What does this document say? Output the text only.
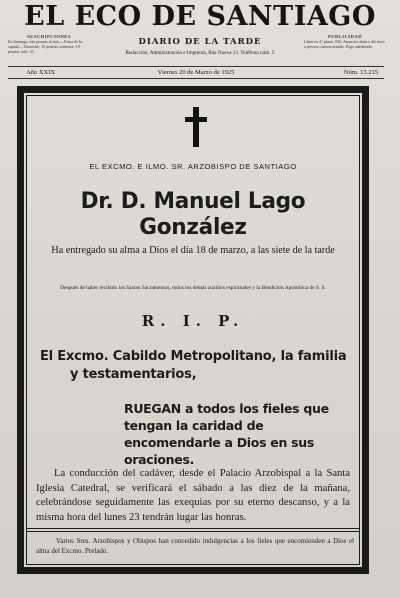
EL ECO DE SANTIAGO
DIARIO DE LA TARDE
Redacción, Administración e Imprenta, Rúa Nueva 13. Teléfono núm. 5
SUSCRIPCIONES
En Santiago, tres pesetas al mes.—Fuera de la capital.—Trimestre, 10 pesetas; semestre, 18 pesetas; año, 35.
PUBLICIDAD
Línea en 4.ª plana, 0'20. Anuncios dentro del texto a precios convencionales. Pago adelantado.
Año XXIX	Viernes 20 de Marzo de 1925	Núm. 13.215
EL EXCMO. E ILMO. SR. ARZOBISPO DE SANTIAGO
Dr. D. Manuel Lago González
Ha entregado su alma a Dios el día 18 de marzo, a las siete de la tarde
Después de haber recibido los Santos Sacramentos, todos los demás auxilios espirituales y la Bendición Apostólica de S. S.
R. I. P.
El Excmo. Cabildo Metropolitano, la familia
y testamentarios,
RUEGAN a todos los fieles que tengan la caridad de encomendarle a Dios en sus oraciones.
La conducción del cadáver, desde el Palacio Arzobispal a la Santa Iglesia Catedral, se verificará el sábado a las diez de la mañana, celebrándose seguidamente las exequias por su eterno descanso, y a la misma hora del lunes 23 tendrán lugar las honras.
Varios Sres. Arzobispos y Obispos han concedido indulgencias a los fieles que encomienden a Dios el alma del Excmo. Prelado.
